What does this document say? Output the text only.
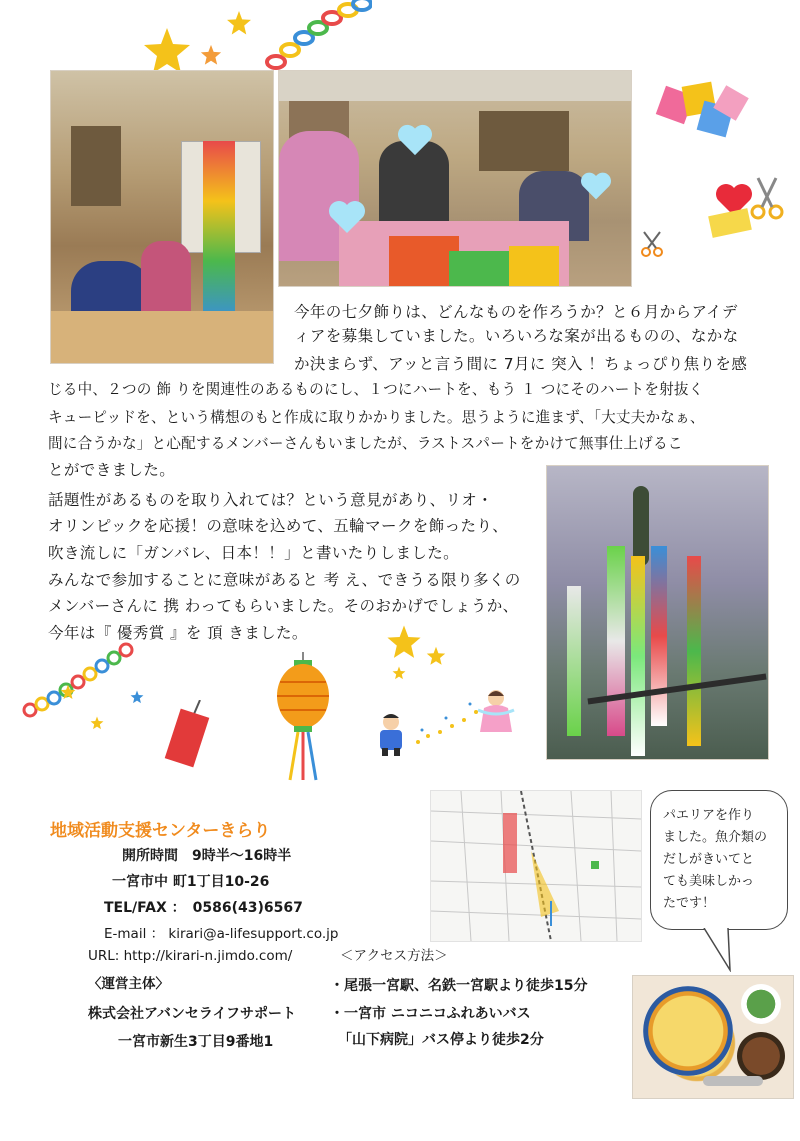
今年の七夕飾りは、どんなものを作ろうか？と６月からアイデ
ィアを募集していました。いろいろな案が出るものの、なかな
か決まらず、アッと言う間に 7月に 突入 ！ちょっぴり焦りを感
じる中、２つの 飾 りを関連性のあるものにし、１つにハートを、もう １ つにそのハートを射抜く
キューピッドを、という構想のもと作成に取りかかりました。思うように進まず、「大丈夫かなぁ、
間に合うかな」と心配するメンバーさんもいましたが、ラストスパートをかけて無事仕上げるこ
とができました。
話題性があるものを取り入れては？という意見があり、リオ・
オリンピックを応援！の意味を込めて、五輪マークを飾ったり、
吹き流しに「ガンバレ、日本！！」と書いたりしました。
みんなで参加することに意味があると 考 え、できうる限り多くの
メンバーさんに 携 わってもらいました。そのおかげでしょうか、
今年は『 優秀賞 』を 頂 きました。
地域活動支援センターきらり
開所時間　9時半～16時半
一宮市中 町1丁目10-26
TEL/FAX ：　0586(43)6567
E-mail ： kirari@a-lifesupport.co.jp
URL: http://kirari-n.jimdo.com/	＜アクセス方法＞
〈運営主体〉
株式会社アバンセライフサポート
一宮市新生3丁目9番地1
・尾張一宮駅、名鉄一宮駅より徒歩15分
・一宮市 ニコニコふれあいバス
「山下病院」バス停より徒歩2分
パエリアを作り
ました。魚介類の
だしがきいてと
ても美味しかっ
たです！
